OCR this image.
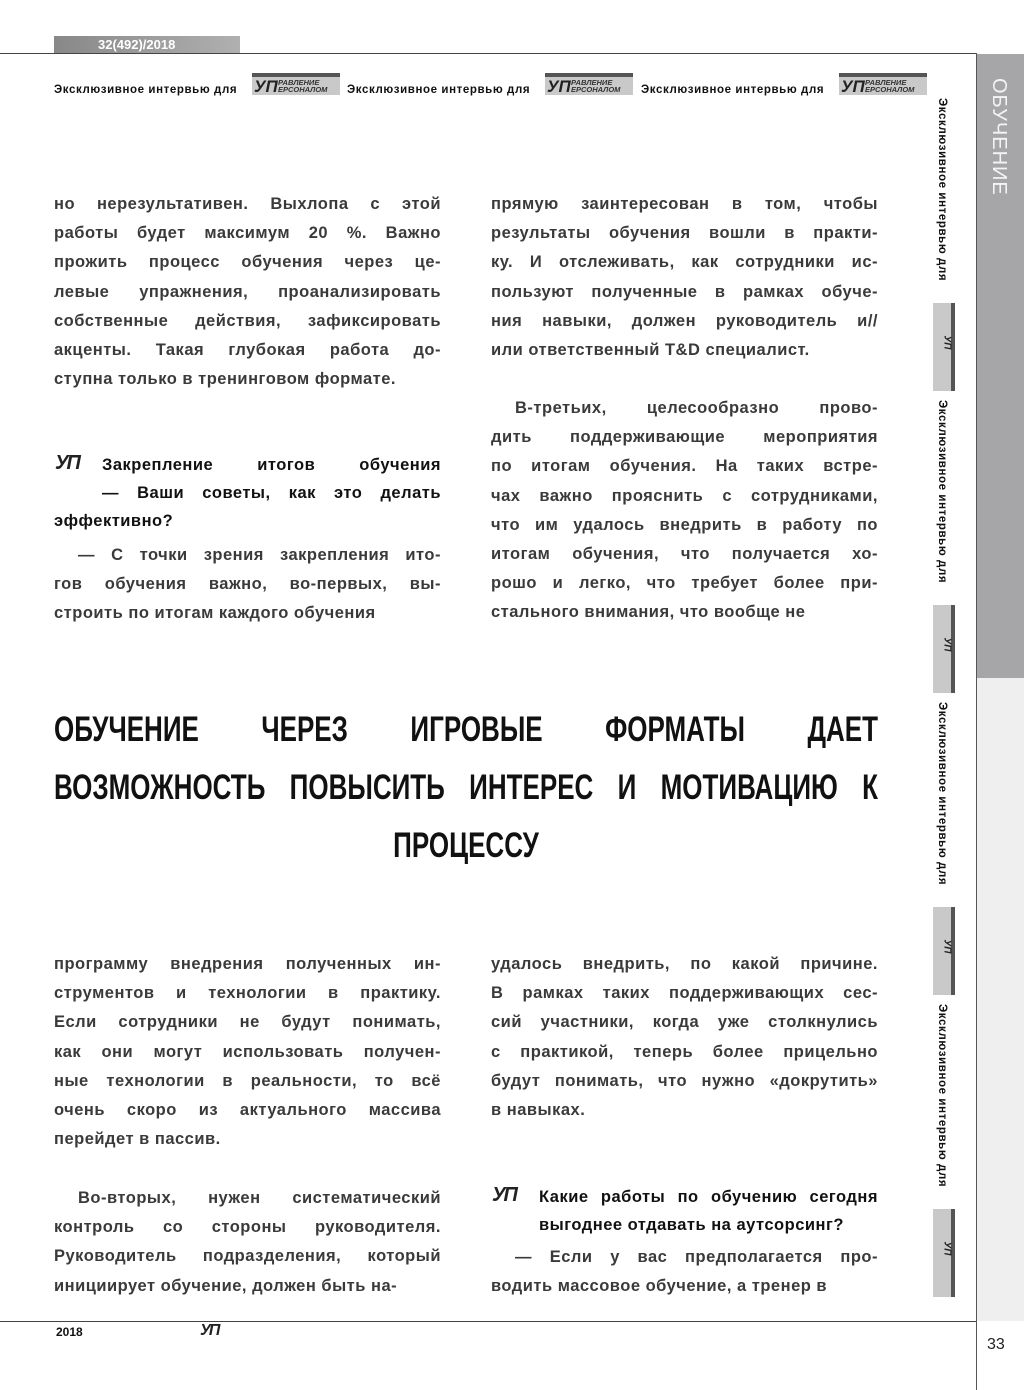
32(492)/2018
ОБУЧЕНИЕ
33
Эксклюзивное интервью для УП РАВЛЕНИЕ
ЕРСОНАЛОМ Эксклюзивное интервью для УП РАВЛЕНИЕ
ЕРСОНАЛОМ Эксклюзивное интервью для УП РАВЛЕНИЕ
ЕРСОНАЛОМ
Эксклюзивное интервью для
УП
Эксклюзивное интервью для
УП
Эксклюзивное интервью для
УП
Эксклюзивное интервью для
УП
но нерезультативен. Выхлопа с этой
работы будет максимум 20 %. Важно
прожить процесс обучения через це-
левые упражнения, проанализировать
собственные действия, зафиксировать
акценты. Такая глубокая работа до-
ступна только в тренинговом формате.
УП	Закрепление итогов обучения
— Ваши советы, как это делать
эффективно?
— С точки зрения закрепления ито-
гов обучения важно, во-первых, вы-
строить по итогам каждого обучения
прямую заинтересован в том, чтобы
результаты обучения вошли в практи-
ку. И отслеживать, как сотрудники ис-
пользуют полученные в рамках обуче-
ния навыки, должен руководитель и//
или ответственный T&D специалист.
В-третьих, целесообразно прово-
дить поддерживающие мероприятия
по итогам обучения. На таких встре-
чах важно прояснить с сотрудниками,
что им удалось внедрить в работу по
итогам обучения, что получается хо-
рошо и легко, что требует более при-
стального внимания, что вообще не
ОБУЧЕНИЕ ЧЕРЕЗ ИГРОВЫЕ ФОРМАТЫ ДАЕТ
ВОЗМОЖНОСТЬ ПОВЫСИТЬ ИНТЕРЕС И МОТИВАЦИЮ К
ПРОЦЕССУ
программу внедрения полученных ин-
струментов и технологии в практику.
Если сотрудники не будут понимать,
как они могут использовать получен-
ные технологии в реальности, то всё
очень скоро из актуального массива
перейдет в пассив.
Во-вторых, нужен систематический
контроль со стороны руководителя.
Руководитель подразделения, который
инициирует обучение, должен быть на-
удалось внедрить, по какой причине.
В рамках таких поддерживающих сес-
сий участники, когда уже столкнулись
с практикой, теперь более прицельно
будут понимать, что нужно «докрутить»
в навыках.
УП	Какие работы по обучению сегодня
выгоднее отдавать на аутсорсинг?
— Если у вас предполагается про-
водить массовое обучение, а тренер в
2018	УП
